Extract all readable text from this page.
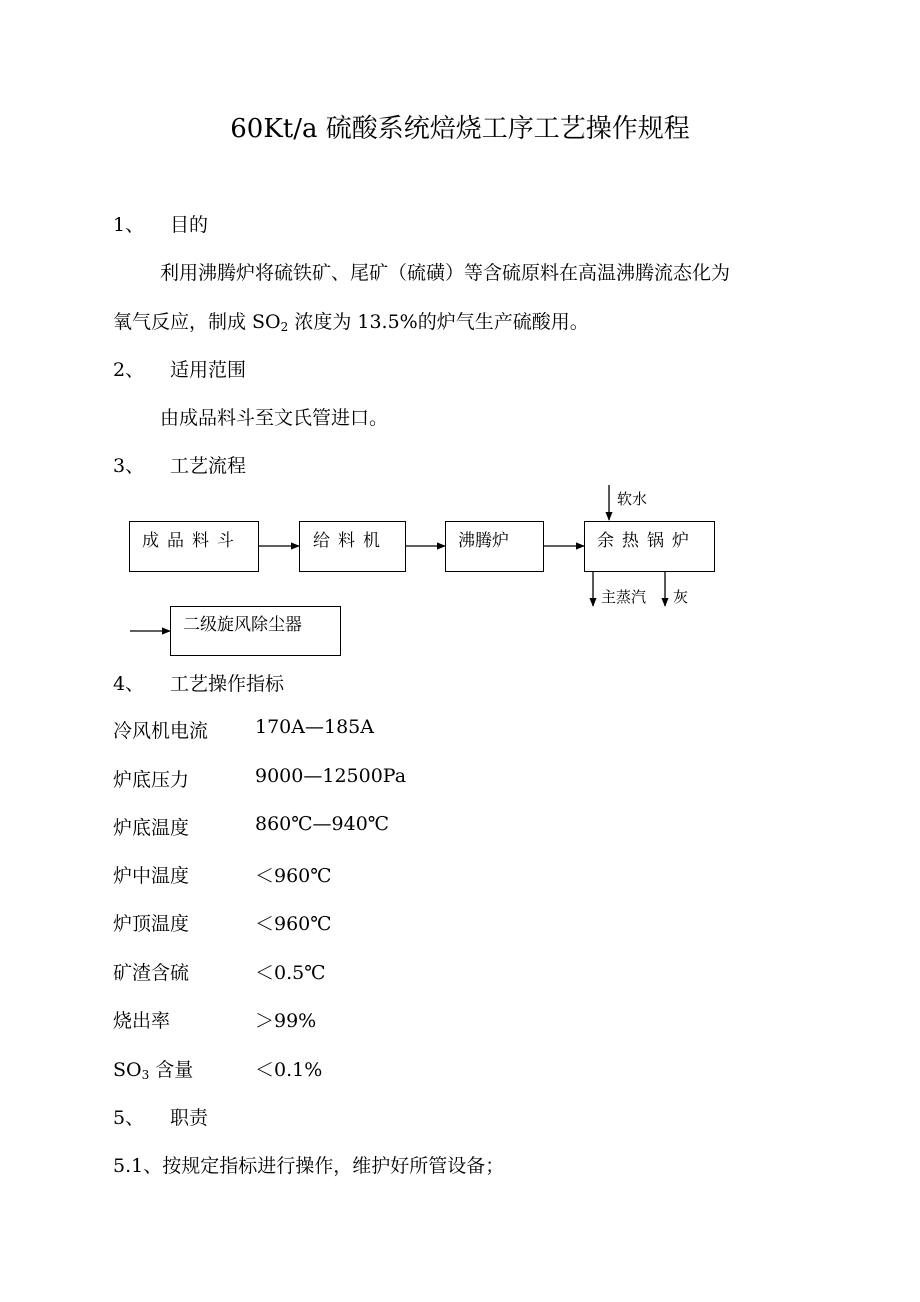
60Kt/a 硫酸系统焙烧工序工艺操作规程
1、 目的
利用沸腾炉将硫铁矿、尾矿（硫磺）等含硫原料在高温沸腾流态化为
氧气反应，制成 $SO_2$ 浓度为 13.5%的炉气生产硫酸用。
2、 适用范围
由成品料斗至文氏管进口。
3、 工艺流程
成品料斗	给料机	沸腾炉	余热锅炉
二级旋风除尘器
软水
主蒸汽 灰
4、 工艺操作指标
冷风机电流 170A—185A
炉底压力	9000—12500Pa
炉底温度	860℃—940℃
炉中温度	＜960℃
炉顶温度	＜960℃
矿渣含硫	＜0.5℃
烧出率	＞99%
$SO_3$ 含量	＜0.1%
5、 职责
5.1、按规定指标进行操作，维护好所管设备；
